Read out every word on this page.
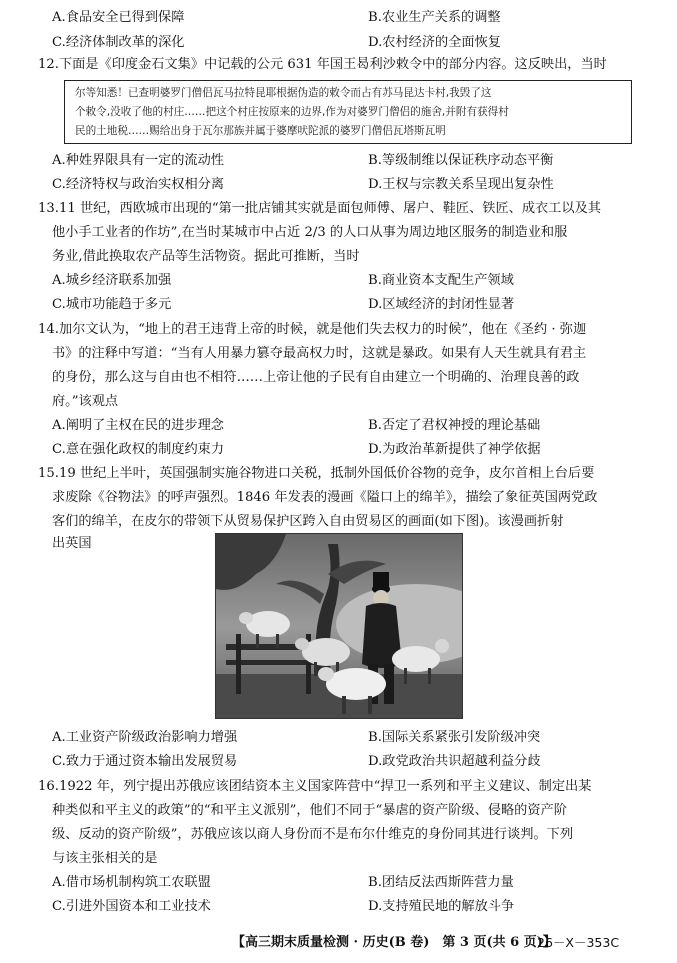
A.食品安全已得到保障	B.农业生产关系的调整
C.经济体制改革的深化	D.农村经济的全面恢复
12.下面是《印度金石文集》中记载的公元 631 年国王曷利沙敕令中的部分内容。这反映出，当时
尔等知悉！已查明婆罗门僧侣瓦马拉特昆耶根据伪造的敕令而占有苏马昆达卡村,我毁了这
个敕令,没收了他的村庄……把这个村庄按原来的边界,作为对婆罗门僧侣的施舍,并附有获得村
民的土地税……赐给出身于瓦尔那族并属于婆摩吠陀派的婆罗门僧侣瓦塔斯瓦明
A.种姓界限具有一定的流动性	B.等级制维以保证秩序动态平衡
C.经济特权与政治实权相分离	D.王权与宗教关系呈现出复杂性
13.11 世纪，西欧城市出现的“第一批店铺其实就是面包师傅、屠户、鞋匠、铁匠、成衣工以及其
他小手工业者的作坊”,在当时某城市中占近 2/3 的人口从事为周边地区服务的制造业和服
务业,借此换取农产品等生活物资。据此可推断，当时
A.城乡经济联系加强	B.商业资本支配生产领域
C.城市功能趋于多元	D.区域经济的封闭性显著
14.加尔文认为，“地上的君王违背上帝的时候，就是他们失去权力的时候”，他在《圣约 · 弥迦
书》的注释中写道：“当有人用暴力篡夺最高权力时，这就是暴政。如果有人天生就具有君主
的身份，那么这与自由也不相符……上帝让他的子民有自由建立一个明确的、治理良善的政
府。”该观点
A.阐明了主权在民的进步理念	B.否定了君权神授的理论基础
C.意在强化政权的制度约束力	D.为政治革新提供了神学依据
15.19 世纪上半叶，英国强制实施谷物进口关税，抵制外国低价谷物的竞争，皮尔首相上台后要
求废除《谷物法》的呼声强烈。1846 年发表的漫画《隘口上的绵羊》，描绘了象征英国两党政
客们的绵羊，在皮尔的带领下从贸易保护区跨入自由贸易区的画面(如下图)。该漫画折射
出英国
A.工业资产阶级政治影响力增强	B.国际关系紧张引发阶级冲突
C.致力于通过资本输出发展贸易	D.政党政治共识超越利益分歧
16.1922 年，列宁提出苏俄应该团结资本主义国家阵营中“捍卫一系列和平主义建议、制定出某
种类似和平主义的政策”的“和平主义派别”，他们不同于“暴虐的资产阶级、侵略的资产阶
级、反动的资产阶级”，苏俄应该以商人身份而不是布尔什维克的身份同其进行谈判。下列
与该主张相关的是
A.借市场机制构筑工农联盟	B.团结反法西斯阵营力量
C.引进外国资本和工业技术	D.支持殖民地的解放斗争
【高三期末质量检测 · 历史(B 卷)　第 3 页(共 6 页)】
26－X－353C
